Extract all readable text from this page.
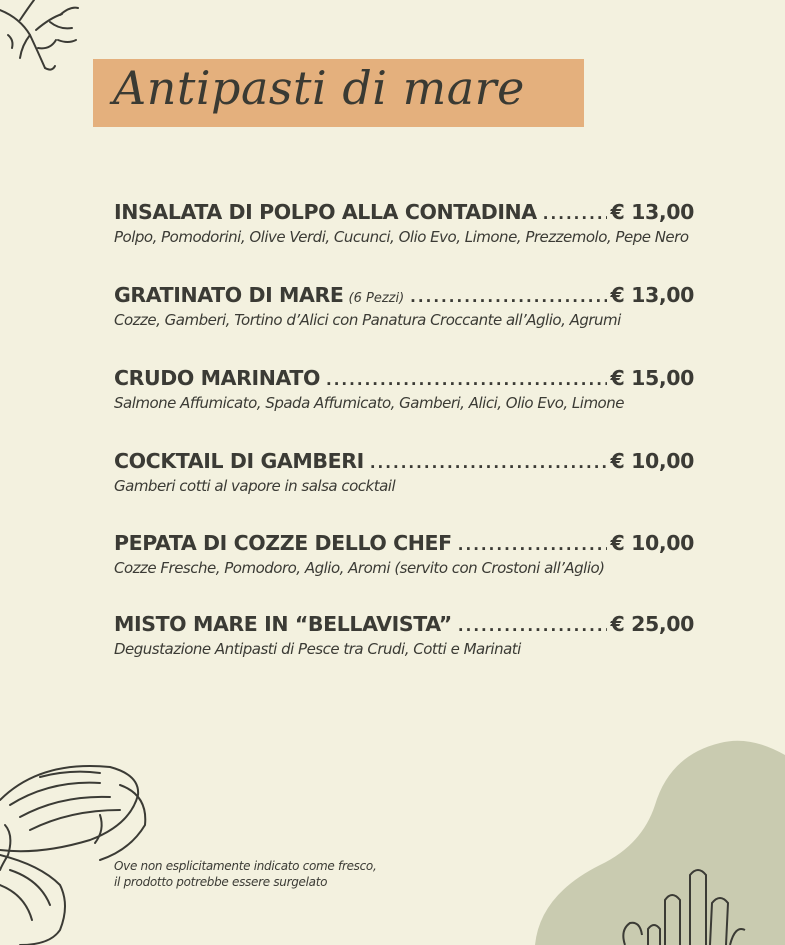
Antipasti di mare
INSALATA DI POLPO ALLA CONTADINA . . .	€ 13,00
Polpo, Pomodorini, Olive Verdi, Cucunci, Olio Evo, Limone, Prezzemolo, Pepe Nero
GRATINATO DI MARE (6 Pezzi) . . .	€ 13,00
Cozze, Gamberi, Tortino d’Alici con Panatura Croccante all’Aglio, Agrumi
CRUDO MARINATO . . .	€ 15,00
Salmone Affumicato, Spada Affumicato, Gamberi, Alici, Olio Evo, Limone
COCKTAIL DI GAMBERI . . .	€ 10,00
Gamberi cotti al vapore in salsa cocktail
PEPATA DI COZZE DELLO CHEF . . .	€ 10,00
Cozze Fresche, Pomodoro, Aglio, Aromi (servito con Crostoni all’Aglio)
MISTO MARE IN “BELLAVISTA” . . .	€ 25,00
Degustazione Antipasti di Pesce tra Crudi, Cotti e Marinati
Ove non esplicitamente indicato come fresco,
il prodotto potrebbe essere surgelato
